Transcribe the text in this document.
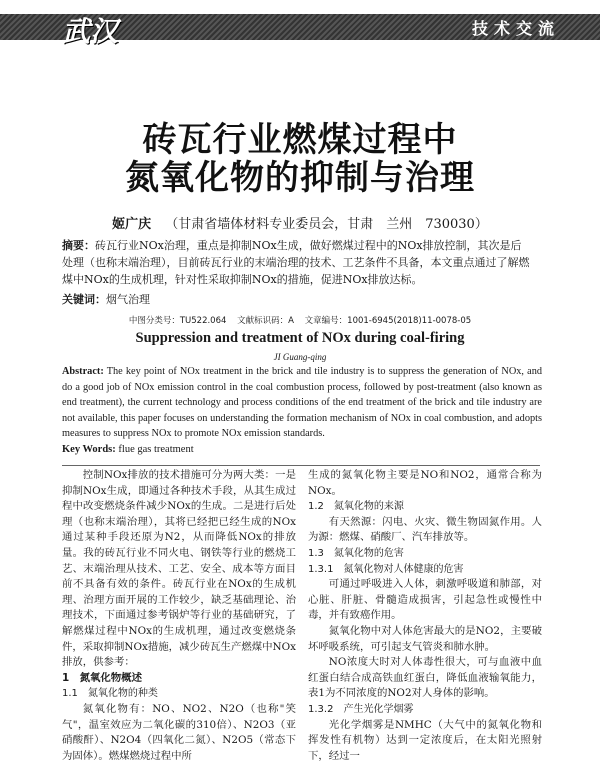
武汉	技术交流
砖瓦行业燃煤过程中
氮氧化物的抑制与治理
姬广庆 （甘肃省墙体材料专业委员会，甘肃　兰州　730030）
摘要：砖瓦行业NOx治理，重点是抑制NOx生成，做好燃煤过程中的NOx排放控制，其次是后处理（也称末端治理），目前砖瓦行业的末端治理的技术、工艺条件不具备，本文重点通过了解燃煤中NOx的生成机理，针对性采取抑制NOx的措施，促进NOx排放达标。
关键词：烟气治理
中图分类号：TU522.064 文献标识码：A 文章编号：1001-6945(2018)11-0078-05
Suppression and treatment of NOx during coal-firing
JI Guang-qing
Abstract: The key point of NOx treatment in the brick and tile industry is to suppress the generation of NOx, and do a good job of NOx emission control in the coal combustion process, followed by post-treatment (also known as end treatment), the current technology and process conditions of the end treatment of the brick and tile industry are not available, this paper focuses on understanding the formation mechanism of NOx in coal combustion, and adopts measures to suppress NOx to promote NOx emission standards.
Key Words: flue gas treatment

控制NOx排放的技术措施可分为两大类：一是抑制NOx生成，即通过各种技术手段，从其生成过程中改变燃烧条件减少NOx的生成。二是进行后处理（也称末端治理），其将已经把已经生成的NOx通过某种手段还原为N2，从而降低NOx的排放量。我的砖瓦行业不同火电、钢铁等行业的燃烧工艺、末端治理从技术、工艺、安全、成本等方面目前不具备有效的条件。砖瓦行业在NOx的生成机理、治理方面开展的工作较少，缺乏基础理论、治理技术，下面通过参考锅炉等行业的基础研究，了解燃煤过程中NOx的生成机理，通过改变燃烧条件，采取抑制NOx措施，减少砖瓦生产燃煤中NOx排放，供参考：

1　氮氧化物概述

1.1　氮氧化物的种类

氮氧化物有：NO、NO2、N2O（也称"笑气"，温室效应为二氧化碳的310倍）、N2O3（亚硝酸酐）、N2O4（四氧化二氮）、N2O5（常态下为固体）。燃煤燃烧过程中所

生成的氮氧化物主要是NO和NO2，通常合称为NOx。

1.2　氮氧化物的来源

有天然源：闪电、火灾、微生物固氮作用。人为源：燃煤、硝酸厂、汽车排放等。

1.3　氮氧化物的危害

1.3.1　氮氧化物对人体健康的危害

可通过呼吸进入人体，刺激呼吸道和肺部，对心脏、肝脏、骨髓造成损害，引起急性或慢性中毒，并有致癌作用。

氮氧化物中对人体危害最大的是NO2，主要破坏呼吸系统，可引起支气管炎和肺水肿。

NO浓度大时对人体毒性很大，可与血液中血红蛋白结合成高铁血红蛋白，降低血液输氧能力，表1为不同浓度的NO2对人身体的影响。

1.3.2　产生光化学烟雾

光化学烟雾是NMHC（大气中的氮氧化物和挥发性有机物）达到一定浓度后，在太阳光照射下，经过一
